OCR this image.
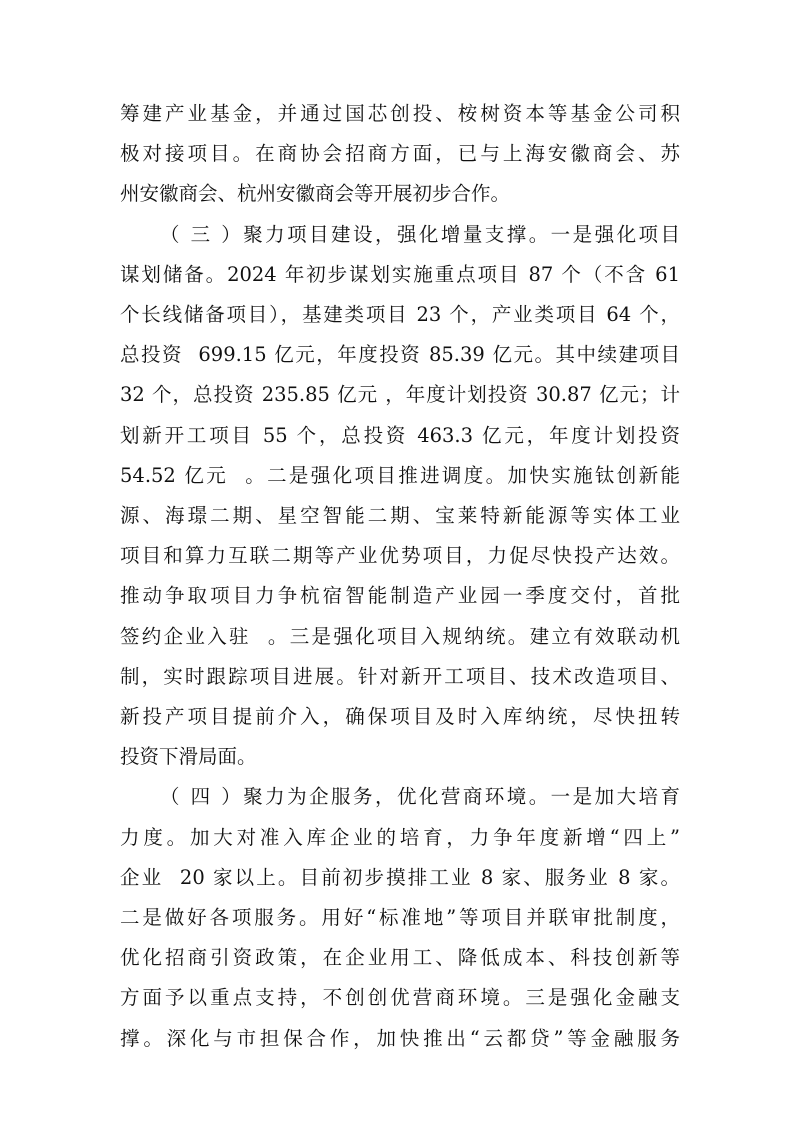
筹建产业基金，并通过国芯创投、桉树资本等基金公司积
极对接项目。在商协会招商方面，已与上海安徽商会、苏
州安徽商会、杭州安徽商会等开展初步合作。
（ 三 ）聚力项目建设，强化增量支撑。一是强化项目
谋划储备。2024 年初步谋划实施重点项目 87 个（不含 61
个长线储备项目），基建类项目 23 个，产业类项目 64 个，
总投资  699.15 亿元，年度投资 85.39 亿元。其中续建项目
32 个，总投资 235.85 亿元 ，年度计划投资 30.87 亿元；计
划新开工项目 55 个，总投资 463.3 亿元，年度计划投资
54.52 亿元  。二是强化项目推进调度。加快实施钛创新能
源、海璟二期、星空智能二期、宝莱特新能源等实体工业
项目和算力互联二期等产业优势项目，力促尽快投产达效。
推动争取项目力争杭宿智能制造产业园一季度交付，首批
签约企业入驻  。三是强化项目入规纳统。建立有效联动机
制，实时跟踪项目进展。针对新开工项目、技术改造项目、
新投产项目提前介入，确保项目及时入库纳统，尽快扭转
投资下滑局面。
（ 四 ）聚力为企服务，优化营商环境。一是加大培育
力度。加大对准入库企业的培育，力争年度新增“四上”
企业  20 家以上。目前初步摸排工业 8 家、服务业 8 家。
二是做好各项服务。用好“标准地”等项目并联审批制度，
优化招商引资政策，在企业用工、降低成本、科技创新等
方面予以重点支持，不创创优营商环境。三是强化金融支
撑。深化与市担保合作，加快推出“云都贷”等金融服务
